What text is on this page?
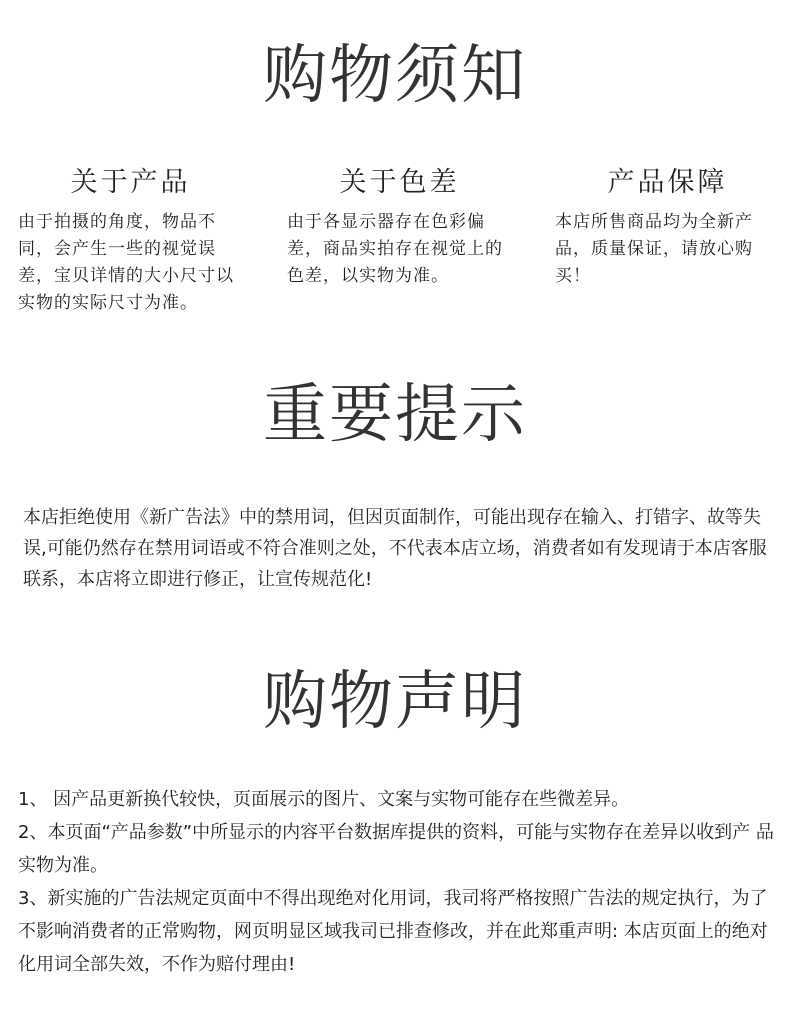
购物须知
关于产品

由于拍摄的角度，物品不同，会产生一些的视觉误差，宝贝详情的大小尺寸以实物的实际尺寸为准。

关于色差

由于各显示器存在色彩偏差，商品实拍存在视觉上的色差，以实物为准。

产品保障

本店所售商品均为全新产品，质量保证，请放心购买！

重要提示

本店拒绝使用《新广告法》中的禁用词，但因页面制作，可能出现存在输入、打错字、故等失误,可能仍然存在禁用词语或不符合准则之处，不代表本店立场，消费者如有发现请于本店客服联系，本店将立即进行修正，让宣传规范化!

购物声明

1、 因产品更新换代较快，页面展示的图片、文案与实物可能存在些微差异。

2、本页面“产品参数”中所显示的内容平台数据库提供的资料，可能与实物存在差异以收到产 品实物为准。

3、新实施的广告法规定页面中不得出现绝对化用词，我司将严格按照广告法的规定执行，为了不影响消费者的正常购物，网页明显区域我司已排查修改，并在此郑重声明: 本店页面上的绝对化用词全部失效，不作为赔付理由!
